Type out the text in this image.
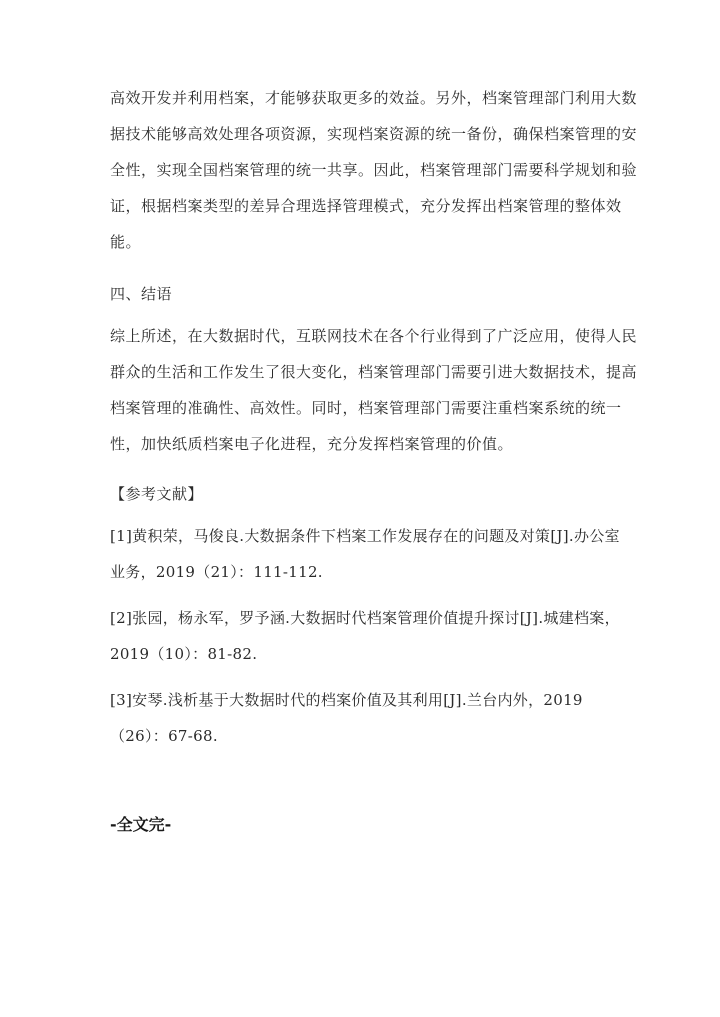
高效开发并利用档案，才能够获取更多的效益。另外，档案管理部门利用大数
据技术能够高效处理各项资源，实现档案资源的统一备份，确保档案管理的安
全性，实现全国档案管理的统一共享。因此，档案管理部门需要科学规划和验
证，根据档案类型的差异合理选择管理模式，充分发挥出档案管理的整体效
能。

四、结语

综上所述，在大数据时代，互联网技术在各个行业得到了广泛应用，使得人民
群众的生活和工作发生了很大变化，档案管理部门需要引进大数据技术，提高
档案管理的准确性、高效性。同时，档案管理部门需要注重档案系统的统一
性，加快纸质档案电子化进程，充分发挥档案管理的价值。

【参考文献】

[1]黄积荣，马俊良.大数据条件下档案工作发展存在的问题及对策[J].办公室
业务，2019（21）：111-112.

[2]张园，杨永军，罗予涵.大数据时代档案管理价值提升探讨[J].城建档案，
2019（10）：81-82.

[3]安琴.浅析基于大数据时代的档案价值及其利用[J].兰台内外，2019
（26）：67-68.

-全文完-
